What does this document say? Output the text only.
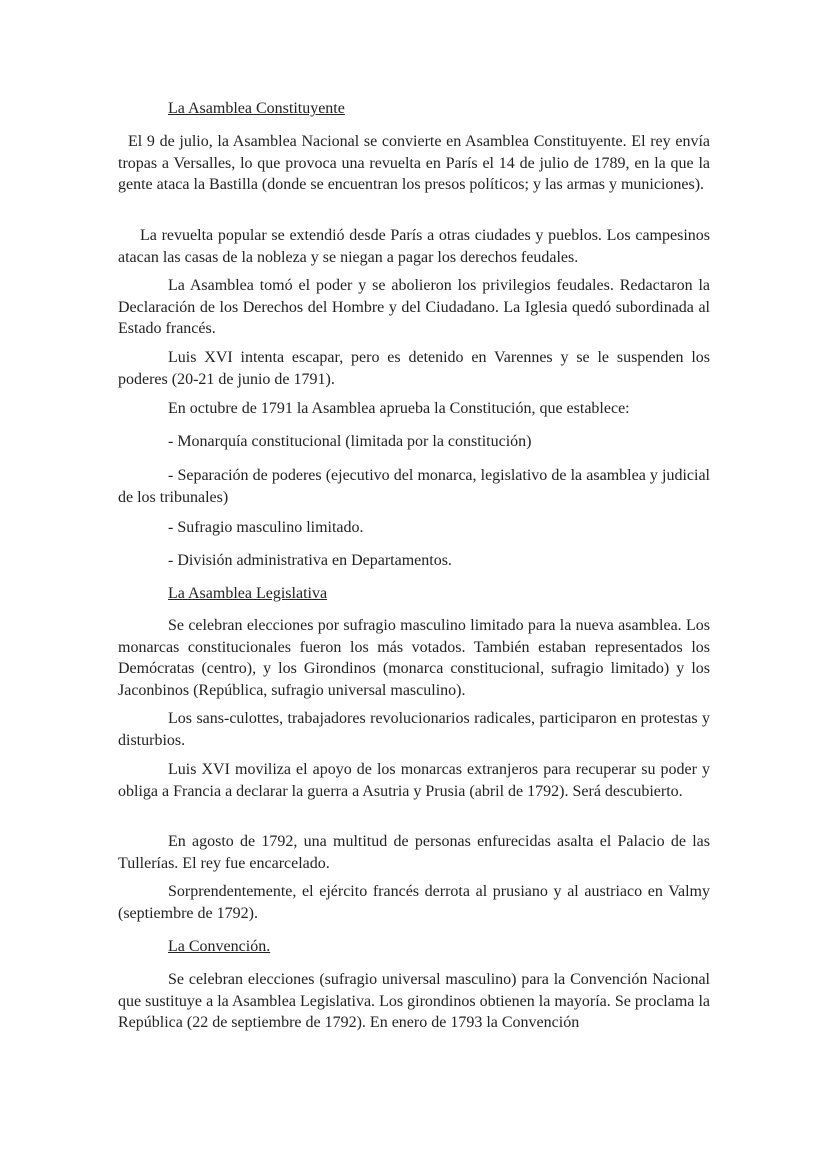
La Asamblea Constituyente

El 9 de julio, la Asamblea Nacional se convierte en Asamblea Constituyente. El rey envía tropas a Versalles, lo que provoca una revuelta en París el 14 de julio de 1789, en la que la gente ataca la Bastilla (donde se encuentran los presos políticos; y las armas y municiones).

La revuelta popular se extendió desde París a otras ciudades y pueblos. Los campesinos atacan las casas de la nobleza y se niegan a pagar los derechos feudales.

La Asamblea tomó el poder y se abolieron los privilegios feudales. Redactaron la Declaración de los Derechos del Hombre y del Ciudadano. La Iglesia quedó subordinada al Estado francés.

Luis XVI intenta escapar, pero es detenido en Varennes y se le suspenden los poderes (20-21 de junio de 1791).

En octubre de 1791 la Asamblea aprueba la Constitución, que establece:

- Monarquía constitucional (limitada por la constitución)

- Separación de poderes (ejecutivo del monarca, legislativo de la asamblea y judicial de los tribunales)

- Sufragio masculino limitado.

- División administrativa en Departamentos.

La Asamblea Legislativa

Se celebran elecciones por sufragio masculino limitado para la nueva asamblea. Los monarcas constitucionales fueron los más votados. También estaban representados los Demócratas (centro), y los Girondinos (monarca constitucional, sufragio limitado) y los Jaconbinos (República, sufragio universal masculino).

Los sans-culottes, trabajadores revolucionarios radicales, participaron en protestas y disturbios.

Luis XVI moviliza el apoyo de los monarcas extranjeros para recuperar su poder y obliga a Francia a declarar la guerra a Asutria y Prusia (abril de 1792). Será descubierto.

En agosto de 1792, una multitud de personas enfurecidas asalta el Palacio de las Tullerías. El rey fue encarcelado.

Sorprendentemente, el ejército francés derrota al prusiano y al austriaco en Valmy (septiembre de 1792).

La Convención.

Se celebran elecciones (sufragio universal masculino) para la Convención Nacional que sustituye a la Asamblea Legislativa. Los girondinos obtienen la mayoría. Se proclama la República (22 de septiembre de 1792). En enero de 1793 la Convención
